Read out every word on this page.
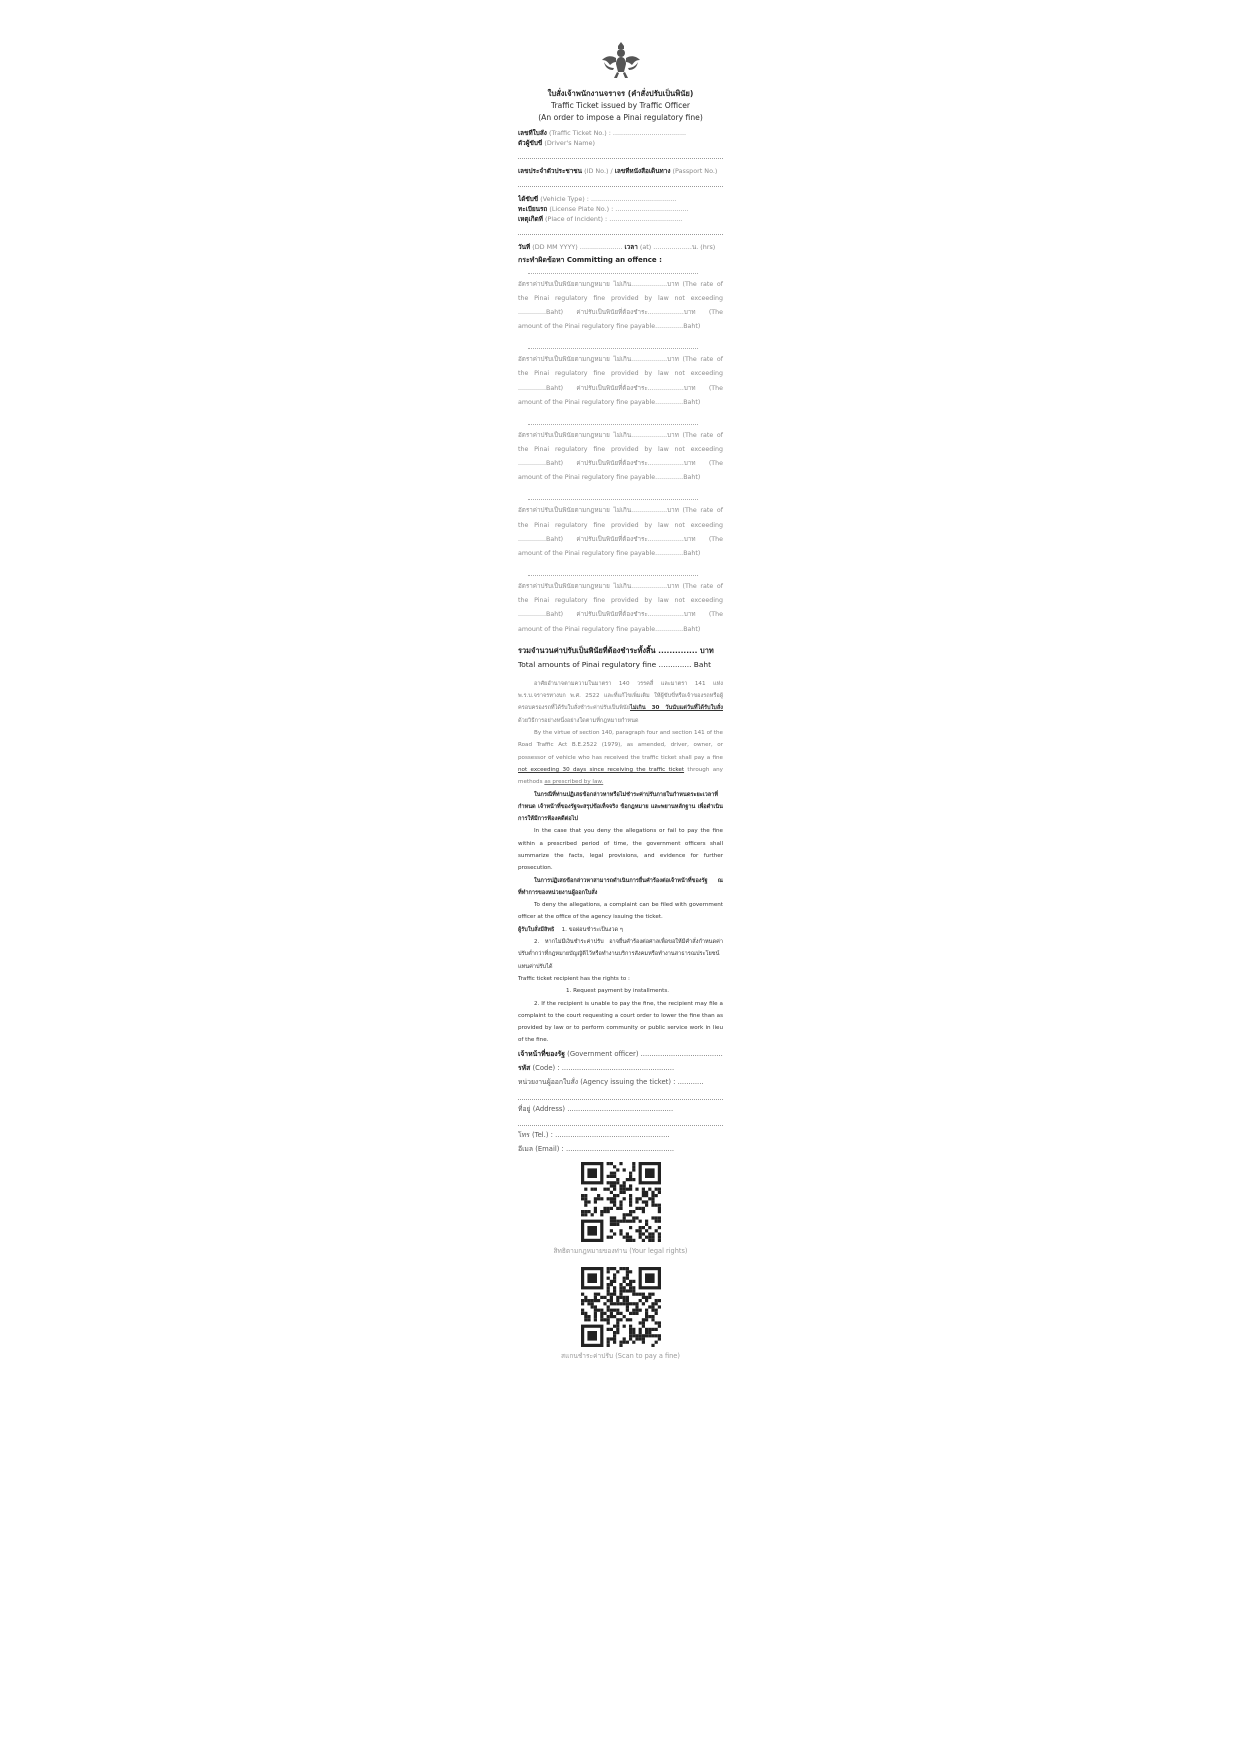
ใบสั่งเจ้าพนักงานจราจร (คำสั่งปรับเป็นพินัย)
Traffic Ticket issued by Traffic Officer
(An order to impose a Pinai regulatory fine)
เลขที่ใบสั่ง (Traffic Ticket No.) : ....................................
ตัวผู้ขับขี่ (Driver's Name)
เลขประจำตัวประชาชน (ID No.) / เลขที่หนังสือเดินทาง (Passport No.)
ได้ขับขี่ (Vehicle Type) : ..........................................
ทะเบียนรถ (License Plate No.) : ....................................
เหตุเกิดที่ (Place of Incident) : ....................................
วันที่ (DD MM YYYY) ..................... เวลา (at) ...................น. (hrs)
กระทำผิดข้อหา Committing an offence :
อัตราค่าปรับเป็นพินัยตามกฎหมาย ไม่เกิน..................บาท (The rate of the Pinai regulatory fine provided by law not exceeding ..............Baht) ค่าปรับเป็นพินัยที่ต้องชำระ..................บาท (The amount of the Pinai regulatory fine payable..............Baht)
อัตราค่าปรับเป็นพินัยตามกฎหมาย ไม่เกิน..................บาท (The rate of the Pinai regulatory fine provided by law not exceeding ..............Baht) ค่าปรับเป็นพินัยที่ต้องชำระ..................บาท (The amount of the Pinai regulatory fine payable..............Baht)
อัตราค่าปรับเป็นพินัยตามกฎหมาย ไม่เกิน..................บาท (The rate of the Pinai regulatory fine provided by law not exceeding ..............Baht) ค่าปรับเป็นพินัยที่ต้องชำระ..................บาท (The amount of the Pinai regulatory fine payable..............Baht)
อัตราค่าปรับเป็นพินัยตามกฎหมาย ไม่เกิน..................บาท (The rate of the Pinai regulatory fine provided by law not exceeding ..............Baht) ค่าปรับเป็นพินัยที่ต้องชำระ..................บาท (The amount of the Pinai regulatory fine payable..............Baht)
อัตราค่าปรับเป็นพินัยตามกฎหมาย ไม่เกิน..................บาท (The rate of the Pinai regulatory fine provided by law not exceeding ..............Baht) ค่าปรับเป็นพินัยที่ต้องชำระ..................บาท (The amount of the Pinai regulatory fine payable..............Baht)
รวมจำนวนค่าปรับเป็นพินัยที่ต้องชำระทั้งสิ้น .............. บาท
Total amounts of Pinai regulatory fine .............. Baht
อาศัยอำนาจตามความในมาตรา 140 วรรคสี่ และมาตรา 141 แห่ง พ.ร.บ.จราจรทางบก พ.ศ. 2522 และที่แก้ไขเพิ่มเติม ให้ผู้ขับขี่หรือเจ้าของรถหรือผู้ครอบครองรถที่ได้รับใบสั่งชำระค่าปรับเป็นพินัยไม่เกิน 30 วันนับแต่วันที่ได้รับใบสั่ง ด้วยวิธีการอย่างหนึ่งอย่างใดตามที่กฎหมายกำหนด
By the virtue of section 140, paragraph four and section 141 of the Road Traffic Act B.E.2522 (1979), as amended, driver, owner, or possessor of vehicle who has received the traffic ticket shall pay a fine not exceeding 30 days since receiving the traffic ticket through any methods as prescribed by law.
ในกรณีที่ท่านปฏิเสธข้อกล่าวหาหรือไม่ชำระค่าปรับภายในกำหนดระยะเวลาที่กำหนด เจ้าหน้าที่ของรัฐจะสรุปข้อเท็จจริง ข้อกฎหมาย และพยานหลักฐาน เพื่อดำเนินการให้มีการฟ้องคดีต่อไป
In the case that you deny the allegations or fail to pay the fine within a prescribed period of time, the government officers shall summarize the facts, legal provisions, and evidence for further prosecution.
ในการปฏิเสธข้อกล่าวหาสามารถดำเนินการยื่นคำร้องต่อเจ้าหน้าที่ของรัฐ ณ ที่ทำการของหน่วยงานผู้ออกใบสั่ง
To deny the allegations, a complaint can be filed with government officer at the office of the agency issuing the ticket.
ผู้รับใบสั่งมีสิทธิ 1. ขอผ่อนชำระเป็นงวด ๆ
2. หากไม่มีเงินชำระค่าปรับ อาจยื่นคำร้องต่อศาลเพื่อขอให้มีคำสั่งกำหนดค่าปรับต่ำกว่าที่กฎหมายบัญญัติไว้หรือทำงานบริการสังคมหรือทำงานสาธารณประโยชน์แทนค่าปรับได้
Traffic ticket recipient has the rights to :
1. Request payment by installments.
2. If the recipient is unable to pay the fine, the recipient may file a complaint to the court requesting a court order to lower the fine than as provided by law or to perform community or public service work in lieu of the fine.
เจ้าหน้าที่ของรัฐ (Government officer) ......................................
รหัส (Code) : ....................................................
หน่วยงานผู้ออกใบสั่ง (Agency issuing the ticket) : ............
ที่อยู่ (Address) .................................................
โทร (Tel.) : .....................................................
อีเมล (Email) : ..................................................
สิทธิตามกฎหมายของท่าน (Your legal rights)
สแกนชำระค่าปรับ (Scan to pay a fine)
